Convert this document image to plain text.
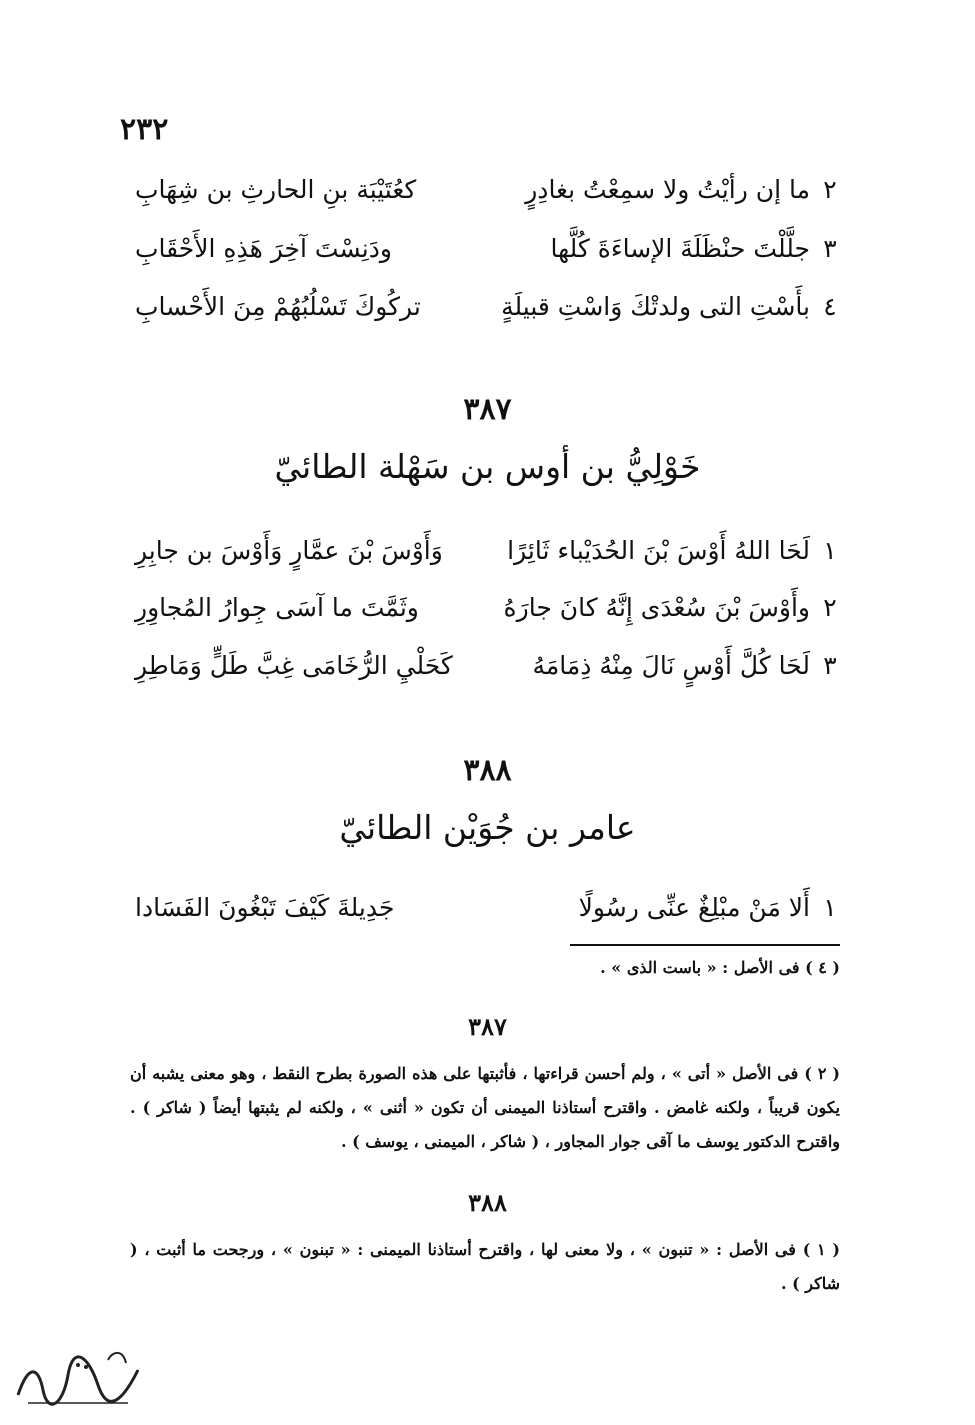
٢٣٢
٢
ما إن رأيْتُ ولا سمِعْتُ بغادِرٍ
كعُتَيْبَة بنِ الحارثِ بن شِهَابِ
٣
جلَّلْتَ حنْظَلَةَ الإساءَةَ كُلَّها
ودَنِسْتَ آخِرَ هَذِهِ الأَحْقَابِ
٤
بأَسْتِ التى ولدتْكَ وَاسْتِ قبيلَةٍ
تركُوكَ تَسْلُبُهُمْ مِنَ الأَحْسابِ
٣٨٧
خَوْلِيُّ بن أوس بن سَهْلة الطائيّ
١
لَحَا اللهُ أَوْسَ بْنَ الحُدَيْباء ثَائِرًا
وَأَوْسَ بْنَ عمَّارٍ وَأَوْسَ بن جابِرِ
٢
وأَوْسَ بْنَ سُعْدَى إِنَّهُ كانَ جارَهُ
وثَمَّتَ ما آسَى جِوارُ المُجاوِرِ
٣
لَحَا كُلَّ أَوْسٍ نَالَ مِنْهُ ذِمَامَهُ
كَحَلْيِ الرُّخَامَى غِبَّ طَلٍّ وَمَاطِرِ
٣٨٨
عامر بن جُوَيْن الطائيّ
١
أَلا مَنْ مبْلِغٌ عنِّى رسُولًا
جَدِيلةَ كَيْفَ تَبْغُونَ الفَسَادا
( ٤ ) فى الأصل : « باست الذى » .
٣٨٧
( ٢ ) فى الأصل « أتى » ، ولم أحسن قراءتها ، فأثبتها على هذه الصورة بطرح النقط ، وهو معنى يشبه أن يكون قريباً ، ولكنه غامض . واقترح أستاذنا الميمنى أن تكون « أثنى » ، ولكنه لم يثبتها أيضاً ( شاكر ) . واقترح الدكتور يوسف ما آقى جوار المجاور ، ( شاكر ، الميمنى ، يوسف ) .
٣٨٨
( ١ ) فى الأصل : « تنبون » ، ولا معنى لها ، واقترح أستاذنا الميمنى : « تبنون » ، ورجحت ما أثبت ، ( شاكر ) .
